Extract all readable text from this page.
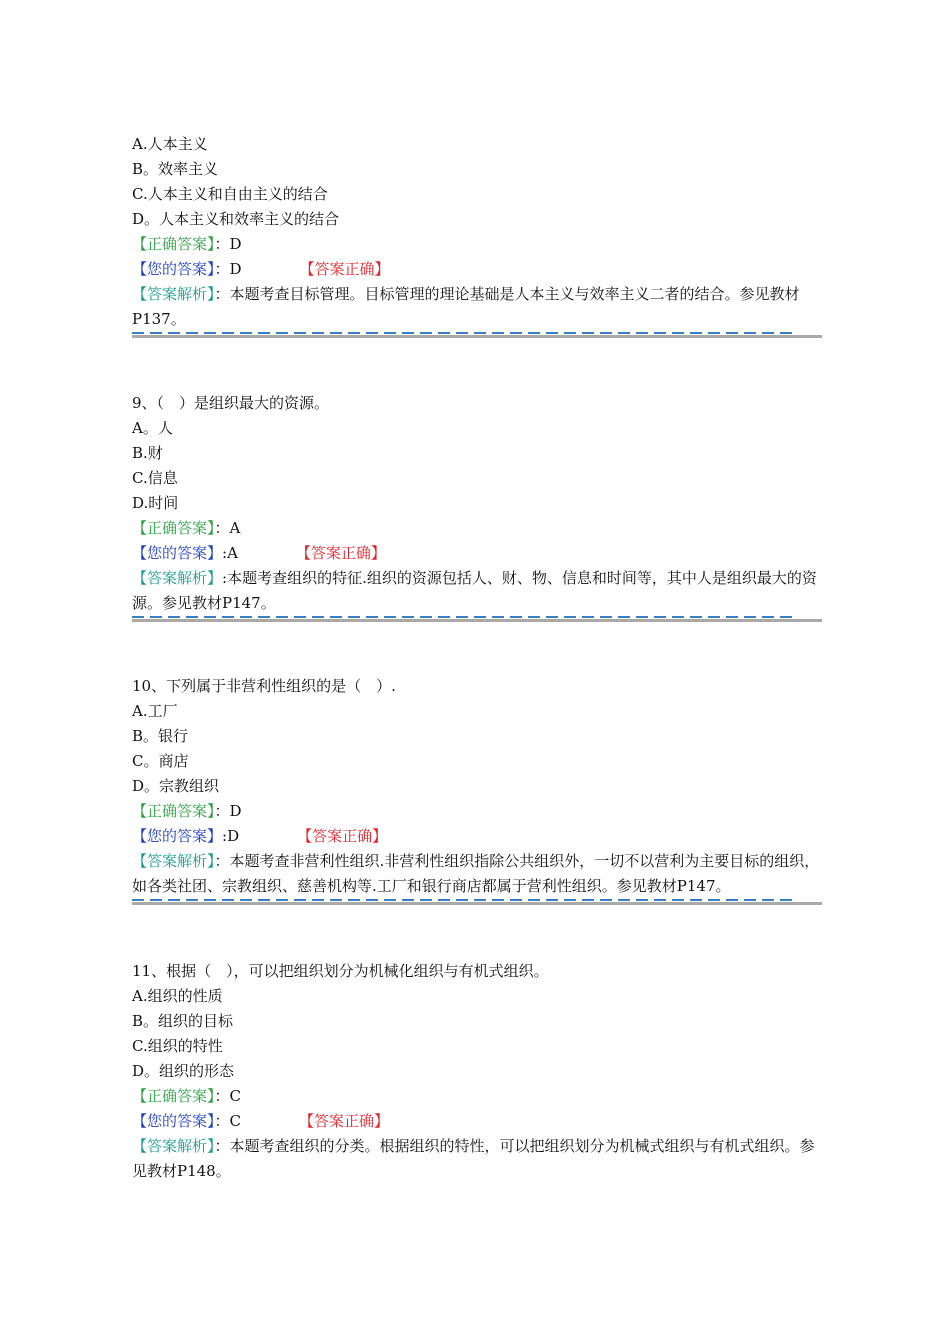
A.人本主义
B。效率主义
C.人本主义和自由主义的结合
D。人本主义和效率主义的结合
【正确答案】：D
【您的答案】：D	【答案正确】
【答案解析】：本题考查目标管理。目标管理的理论基础是人本主义与效率主义二者的结合。参见教材P137。
9、（　）是组织最大的资源。
A。人
B.财
C.信息
D.时间
【正确答案】：A
【您的答案】:A	【答案正确】
【答案解析】:本题考查组织的特征.组织的资源包括人、财、物、信息和时间等，其中人是组织最大的资源。参见教材P147。
10、下列属于非营利性组织的是（　）.
A.工厂
B。银行
C。商店
D。宗教组织
【正确答案】：D
【您的答案】:D	【答案正确】
【答案解析】：本题考查非营利性组织.非营利性组织指除公共组织外，一切不以营利为主要目标的组织，如各类社团、宗教组织、慈善机构等.工厂和银行商店都属于营利性组织。参见教材P147。
11、根据（　），可以把组织划分为机械化组织与有机式组织。
A.组织的性质
B。组织的目标
C.组织的特性
D。组织的形态
【正确答案】：C
【您的答案】：C	【答案正确】
【答案解析】：本题考查组织的分类。根据组织的特性，可以把组织划分为机械式组织与有机式组织。参见教材P148。
